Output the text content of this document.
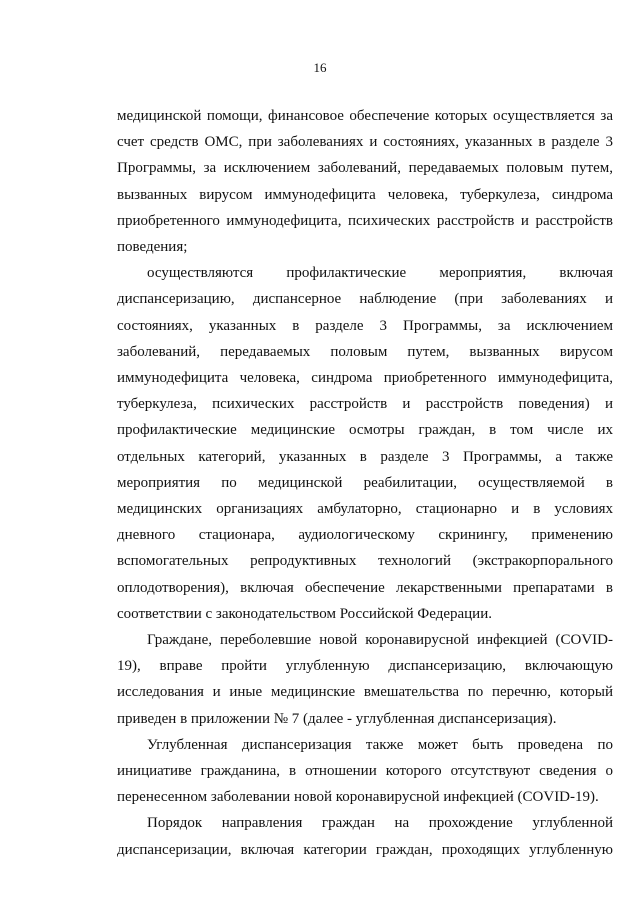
16

медицинской помощи, финансовое обеспечение которых осуществляется за счет средств ОМС, при заболеваниях и состояниях, указанных в разделе 3 Программы, за исключением заболеваний, передаваемых половым путем, вызванных вирусом иммунодефицита человека, туберкулеза, синдрома приобретенного иммунодефицита, психических расстройств и расстройств поведения;

осуществляются профилактические мероприятия, включая диспансеризацию, диспансерное наблюдение (при заболеваниях и состояниях, указанных в разделе 3 Программы, за исключением заболеваний, передаваемых половым путем, вызванных вирусом иммунодефицита человека, синдрома приобретенного иммунодефицита, туберкулеза, психических расстройств и расстройств поведения) и профилактические медицинские осмотры граждан, в том числе их отдельных категорий, указанных в разделе 3 Программы, а также мероприятия по медицинской реабилитации, осуществляемой в медицинских организациях амбулаторно, стационарно и в условиях дневного стационара, аудиологическому скринингу, применению вспомогательных репродуктивных технологий (экстракорпорального оплодотворения), включая обеспечение лекарственными препаратами в соответствии с законодательством Российской Федерации.

Граждане, переболевшие новой коронавирусной инфекцией (COVID-19), вправе пройти углубленную диспансеризацию, включающую исследования и иные медицинские вмешательства по перечню, который приведен в приложении № 7 (далее - углубленная диспансеризация).

Углубленная диспансеризация также может быть проведена по инициативе гражданина, в отношении которого отсутствуют сведения о перенесенном заболевании новой коронавирусной инфекцией (COVID-19).

Порядок направления граждан на прохождение углубленной диспансеризации, включая категории граждан, проходящих углубленную
